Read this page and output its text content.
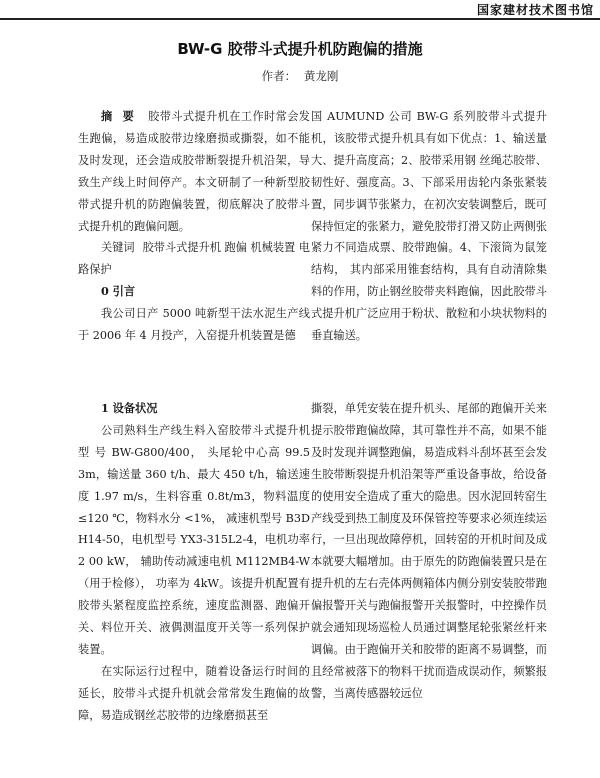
国家建材技术图书馆
BW-G 胶带斗式提升机防跑偏的措施
作者： 黄龙刚

摘要 胶带斗式提升机在工作时常会发生跑偏，易造成胶带边缘磨损或撕裂，如不能及时发现，还会造成胶带断裂提升机沿架，导致生产线上时间停产。本文研制了一种新型胶带式提升机的防跑偏装置，彻底解决了胶带斗式提升机的跑偏问题。

关键词 胶带斗式提升机 跑偏 机械装置 电路保护

0 引言

我公司日产 5000 吨新型干法水泥生产线于 2006 年 4 月投产，入窑提升机装置是德

国 AUMUND 公司 BW-G 系列胶带斗式提升机，该胶带式提升机具有如下优点：1、输送量大、提升高度高；2、胶带采用钢 丝绳芯胶带、韧性好、强度高。3、下部采用齿轮内条张紧装置，同步调节张紧力，在初次安装调整后，既可保持恒定的张紧力，避免胶带打滑又防止两侧张紧力不同造成票、胶带跑偏。4、下滚筒为鼠笼结构， 其内部采用锥套结构，具有自动清除集料的作用，防止钢丝胶带夹料跑偏，因此胶带斗式提升机广泛应用于粉状、散粒和小块状物料的垂直输送。

1 设备状况

公司熟料生产线生料入窑胶带斗式提升机型 号 BW-G800/400， 头尾轮中心高 99.5 3m，输送量 360 t/h、最大 450 t/h，输送速度 1.97 m/s，生料容重 0.8t/m3，物料温度 ≤120 ℃，物料水分 <1%， 减速机型号 B3D H14-50，电机型号 YX3-315L2-4，电机功率 2 00 kW， 辅助传动减速电机 M112MB4-W（用于检修）， 功率为 4kW。该提升机配置有胶带头紧程度监控系统，速度监测器、跑偏开关、料位开关、液偶测温度开关等一系列保护装置。

在实际运行过程中，随着设备运行时间的延长，胶带斗式提升机就会常常发生跑偏的故障，易造成钢丝芯胶带的边缘磨损甚至

撕裂，单凭安装在提升机头、尾部的跑偏开关来提示胶带跑偏故障，其可靠性并不高，如果不能及时发现并调整跑偏，易造成料斗刮坏甚至会发生胶带断裂提升机沿架等严重设备事故，给设备的使用安全造成了重大的隐患。因水泥回转窑生产线受到热工制度及环保管控等要求必须连续运行，一旦出现故障停机，回转窑的开机时间及成本就要大幅增加。由于原先的防跑偏装置只是在提升机的左右壳体两侧箱体内侧分别安装胶带跑偏报警开关与跑偏报警开关报警时，中控操作员就会通知现场巡检人员通过调整尾轮张紧丝杆来调偏。由于跑偏开关和胶带的距离不易调整，而且经常被落下的物料干扰而造成误动作，频繁报警，当离传感器较远位
